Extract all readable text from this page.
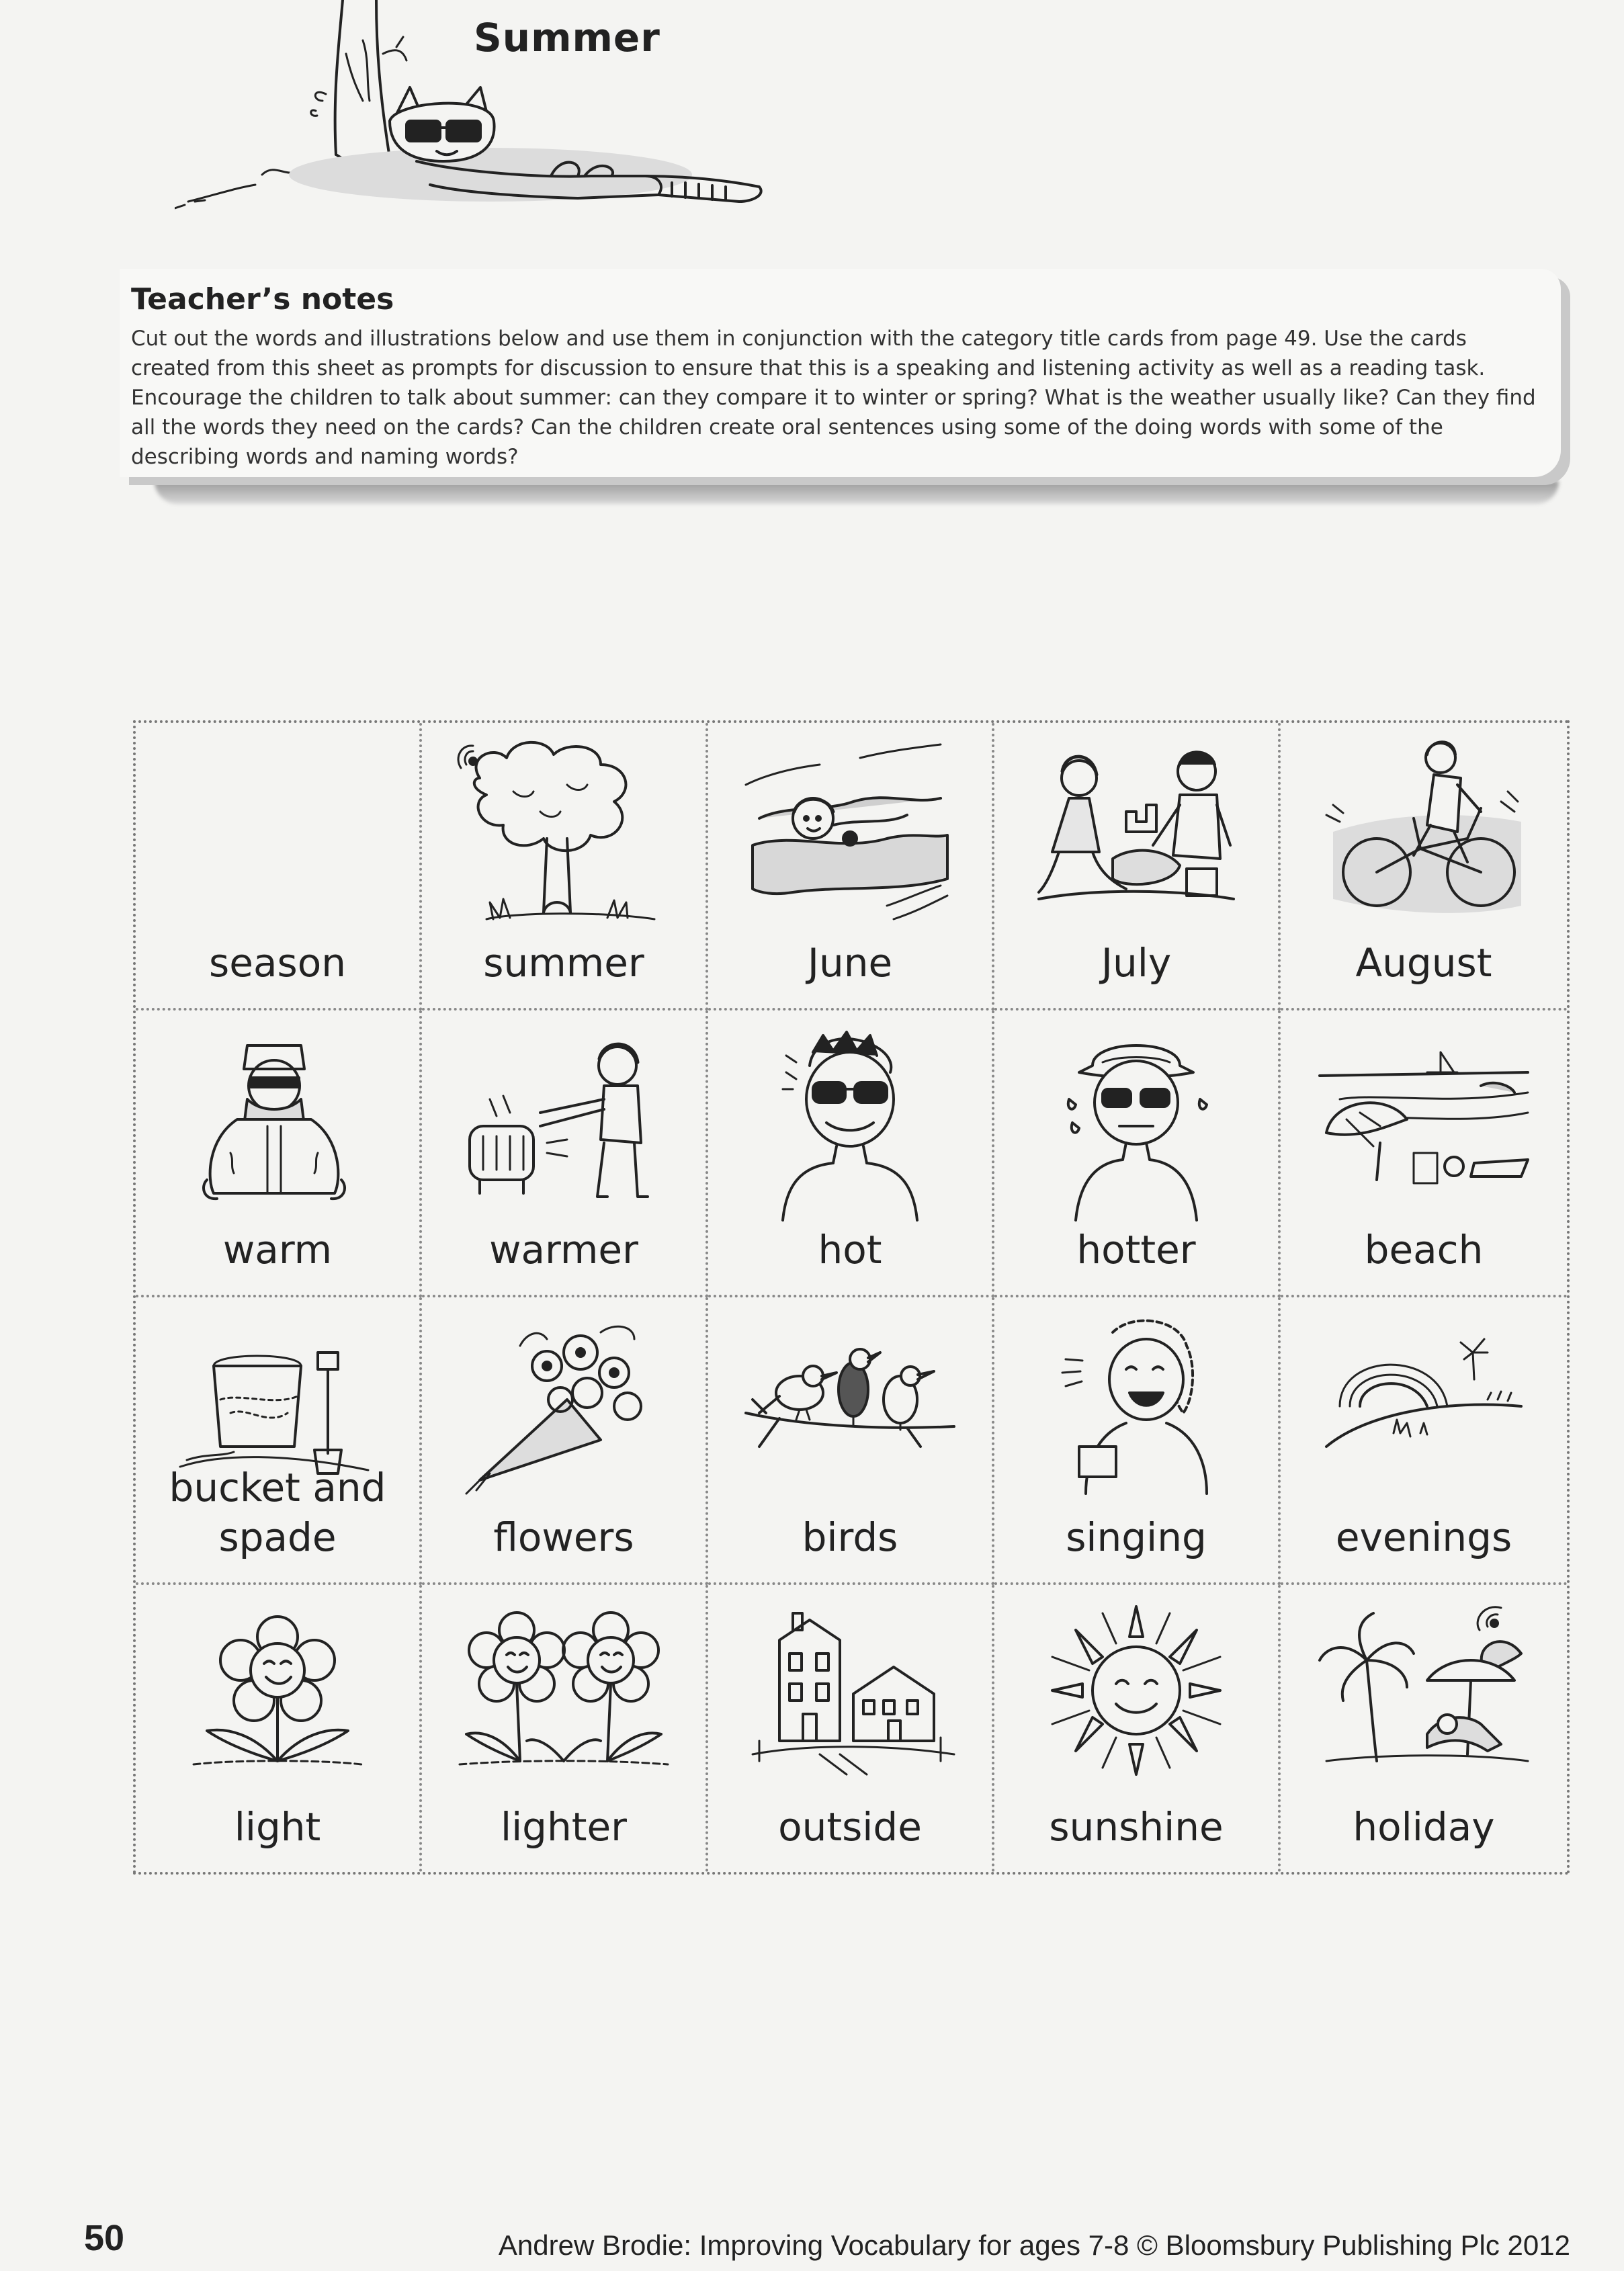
Summer
Teacher’s notes
Cut out the words and illustrations below and use them in conjunction with the category title cards from page 49. Use the cards created from this sheet as prompts for discussion to ensure that this is a speaking and listening activity as well as a reading task. Encourage the children to talk about summer: can they compare it to winter or spring? What is the weather usually like? Can they find all the words they need on the cards? Can the children create oral sentences using some of the doing words with some of the describing words and naming words?
season	summer	June	July	August
warm	warmer	hot	hotter	beach
bucket and spade	flowers	birds	singing	evenings
light	lighter	outside	sunshine	holiday
50	Andrew Brodie: Improving Vocabulary for ages 7-8 © Bloomsbury Publishing Plc 2012
